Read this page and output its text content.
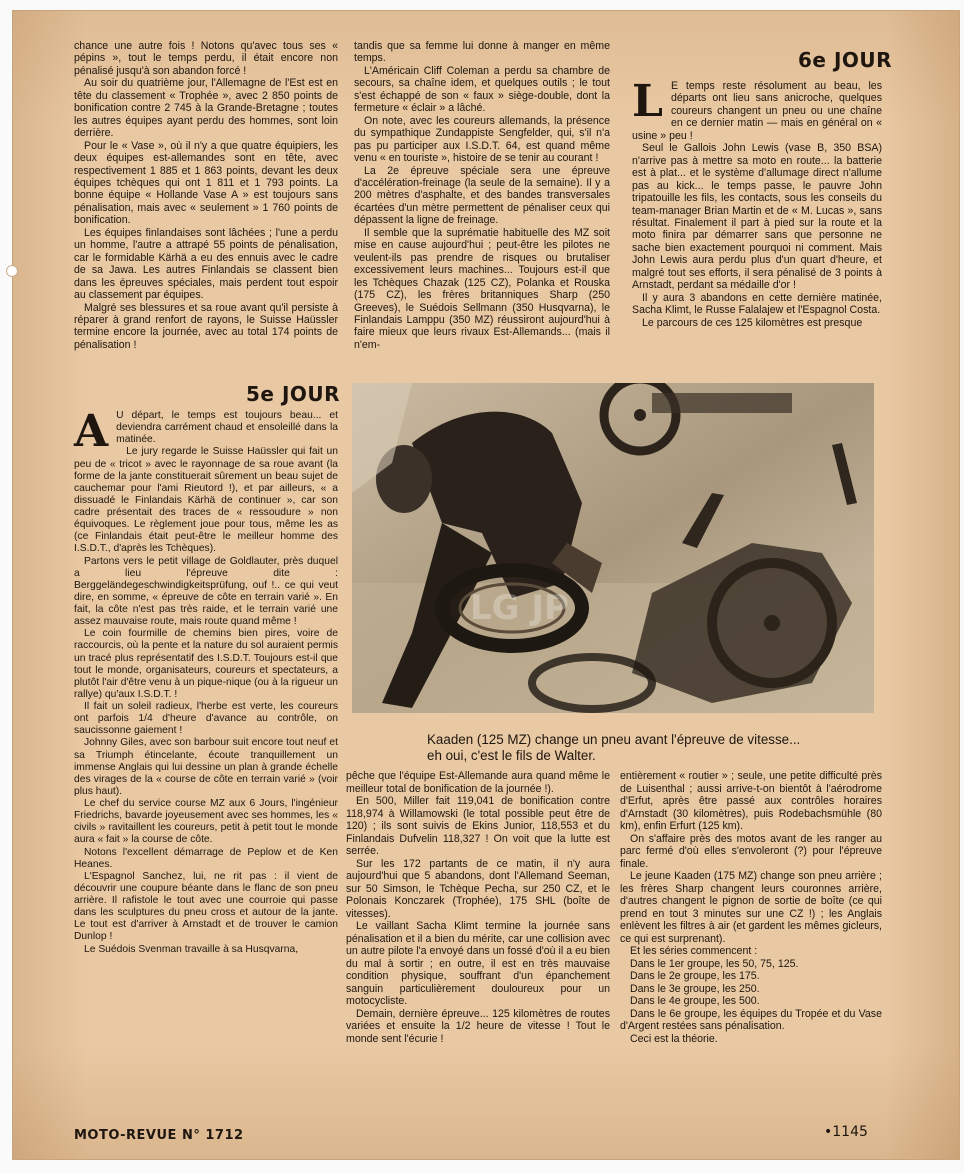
chance une autre fois ! Notons qu'avec tous ses « pépins », tout le temps perdu, il était encore non pénalisé jusqu'à son abandon forcé !

Au soir du quatrième jour, l'Allemagne de l'Est est en tête du classement « Trophée », avec 2 850 points de bonification contre 2 745 à la Grande-Bretagne ; toutes les autres équipes ayant perdu des hommes, sont loin derrière.

Pour le « Vase », où il n'y a que quatre équipiers, les deux équipes est-allemandes sont en tête, avec respectivement 1 885 et 1 863 points, devant les deux équipes tchèques qui ont 1 811 et 1 793 points. La bonne équipe « Hollande Vase A » est toujours sans pénalisation, mais avec « seulement » 1 760 points de bonification.

Les équipes finlandaises sont lâchées ; l'une a perdu un homme, l'autre a attrapé 55 points de pénalisation, car le formidable Kärhä a eu des ennuis avec le cadre de sa Jawa. Les autres Finlandais se classent bien dans les épreuves spéciales, mais perdent tout espoir au classement par équipes.

Malgré ses blessures et sa roue avant qu'il persiste à réparer à grand renfort de rayons, le Suisse Haüssler termine encore la journée, avec au total 174 points de pénalisation !

tandis que sa femme lui donne à manger en même temps.

L'Américain Cliff Coleman a perdu sa chambre de secours, sa chaîne idem, et quelques outils ; le tout s'est échappé de son « faux » siège-double, dont la fermeture « éclair » a lâché.

On note, avec les coureurs allemands, la présence du sympathique Zundappiste Sengfelder, qui, s'il n'a pas pu participer aux I.S.D.T. 64, est quand même venu « en touriste », histoire de se tenir au courant !

La 2e épreuve spéciale sera une épreuve d'accélération-freinage (la seule de la semaine). Il y a 200 mètres d'asphalte, et des bandes transversales écartées d'un mètre permettent de pénaliser ceux qui dépassent la ligne de freinage.

Il semble que la suprématie habituelle des MZ soit mise en cause aujourd'hui ; peut-être les pilotes ne veulent-ils pas prendre de risques ou brutaliser excessivement leurs machines... Toujours est-il que les Tchèques Chazak (125 CZ), Polanka et Rouska (175 CZ), les frères britanniques Sharp (250 Greeves), le Suédois Sellmann (350 Husqvarna), le Finlandais Lamppu (350 MZ) réussiront aujourd'hui à faire mieux que leurs rivaux Est-Allemands... (mais il n'em-

6e JOUR

L E temps reste résolument au beau, les départs ont lieu sans anicroche, quelques coureurs changent un pneu ou une chaîne en ce dernier matin — mais en général on « usine » peu !

Seul le Gallois John Lewis (vase B, 350 BSA) n'arrive pas à mettre sa moto en route... la batterie est à plat... et le système d'allumage direct n'allume pas au kick... le temps passe, le pauvre John tripatouille les fils, les contacts, sous les conseils du team-manager Brian Martin et de « M. Lucas », sans résultat. Finalement il part à pied sur la route et la moto finira par démarrer sans que personne ne sache bien exactement pourquoi ni comment. Mais John Lewis aura perdu plus d'un quart d'heure, et malgré tout ses efforts, il sera pénalisé de 3 points à Arnstadt, perdant sa médaille d'or !

Il y aura 3 abandons en cette dernière matinée, Sacha Klimt, le Russe Falalajew et l'Espagnol Costa.

Le parcours de ces 125 kilomètres est presque

5e JOUR

A U départ, le temps est toujours beau... et deviendra carrément chaud et ensoleillé dans la matinée.

Le jury regarde le Suisse Haüssler qui fait un peu de « tricot » avec le rayonnage de sa roue avant (la forme de la jante constituerait sûrement un beau sujet de cauchemar pour l'ami Rieutord !), et par ailleurs, « a dissuadé le Finlandais Kärhä de continuer », car son cadre présentait des traces de « ressoudure » non équivoques. Le règlement joue pour tous, même les as (ce Finlandais était peut-être le meilleur homme des I.S.D.T., d'après les Tchèques).

Partons vers le petit village de Goldlauter, près duquel a lieu l'épreuve dite : Berggeländegeschwindigkeitsprüfung, ouf !.. ce qui veut dire, en somme, « épreuve de côte en terrain varié ». En fait, la côte n'est pas très raide, et le terrain varié une assez mauvaise route, mais route quand même !

Le coin fourmille de chemins bien pires, voire de raccourcis, où la pente et la nature du sol auraient permis un tracé plus représentatif des I.S.D.T. Toujours est-il que tout le monde, organisateurs, coureurs et spectateurs, a plutôt l'air d'être venu à un pique-nique (ou à la rigueur un rallye) qu'aux I.S.D.T. !

Il fait un soleil radieux, l'herbe est verte, les coureurs ont parfois 1/4 d'heure d'avance au contrôle, on saucissonne gaiement !

Johnny Giles, avec son barbour suit encore tout neuf et sa Triumph étincelante, écoute tranquillement un immense Anglais qui lui dessine un plan à grande échelle des virages de la « course de côte en terrain varié » (voir plus haut).

Le chef du service course MZ aux 6 Jours, l'ingénieur Friedrichs, bavarde joyeusement avec ses hommes, les « civils » ravitaillent les coureurs, petit à petit tout le monde aura « fait » la course de côte.

Notons l'excellent démarrage de Peplow et de Ken Heanes.

L'Espagnol Sanchez, lui, ne rit pas : il vient de découvrir une coupure béante dans le flanc de son pneu arrière. Il rafistole le tout avec une courroie qui passe dans les sculptures du pneu cross et autour de la jante. Le tout est d'arriver à Arnstadt et de trouver le camion Dunlop !

Le Suédois Svenman travaille à sa Husqvarna,

LG JP
Kaaden (125 MZ) change un pneu avant l'épreuve de vitesse... eh oui, c'est le fils de Walter.

pêche que l'équipe Est-Allemande aura quand même le meilleur total de bonification de la journée !).

En 500, Miller fait 119,041 de bonification contre 118,974 à Willamowski (le total possible peut être de 120) ; ils sont suivis de Ekins Junior, 118,553 et du Finlandais Dufvelin 118,327 ! On voit que la lutte est serrée.

Sur les 172 partants de ce matin, il n'y aura aujourd'hui que 5 abandons, dont l'Allemand Seeman, sur 50 Simson, le Tchèque Pecha, sur 250 CZ, et le Polonais Konczarek (Trophée), 175 SHL (boîte de vitesses).

Le vaillant Sacha Klimt termine la journée sans pénalisation et il a bien du mérite, car une collision avec un autre pilote l'a envoyé dans un fossé d'où il a eu bien du mal à sortir ; en outre, il est en très mauvaise condition physique, souffrant d'un épanchement sanguin particulièrement douloureux pour un motocycliste.

Demain, dernière épreuve... 125 kilomètres de routes variées et ensuite la 1/2 heure de vitesse ! Tout le monde sent l'écurie !

entièrement « routier » ; seule, une petite difficulté près de Luisenthal ; aussi arrive-t-on bientôt à l'aérodrome d'Erfut, après être passé aux contrôles horaires d'Arnstadt (30 kilomètres), puis Rodebachsmühle (80 km), enfin Erfurt (125 km).

On s'affaire près des motos avant de les ranger au parc fermé d'où elles s'envoleront (?) pour l'épreuve finale.

Le jeune Kaaden (175 MZ) change son pneu arrière ; les frères Sharp changent leurs couronnes arrière, d'autres changent le pignon de sortie de boîte (ce qui prend en tout 3 minutes sur une CZ !) ; les Anglais enlèvent les filtres à air (et gardent les mêmes gicleurs, ce qui est surprenant).

Et les séries commencent :

Dans le 1er groupe, les 50, 75, 125.

Dans le 2e groupe, les 175.

Dans le 3e groupe, les 250.

Dans le 4e groupe, les 500.

Dans le 6e groupe, les équipes du Tropée et du Vase d'Argent restées sans pénalisation.

Ceci est la théorie.

MOTO-REVUE N° 1712	•1145
